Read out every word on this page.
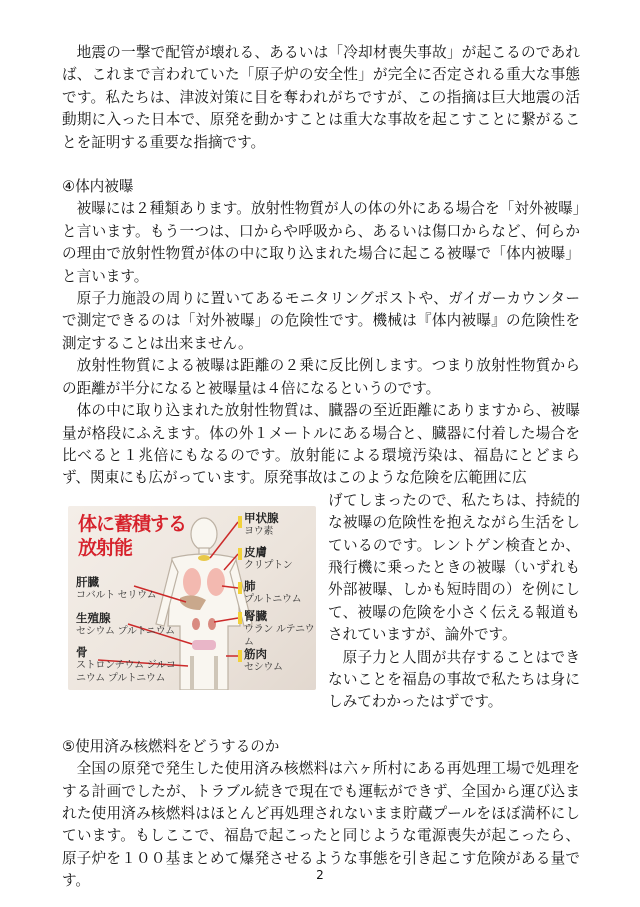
地震の一撃で配管が壊れる、あるいは「冷却材喪失事故」が起こるのであれば、これまで言われていた「原子炉の安全性」が完全に否定される重大な事態です。私たちは、津波対策に目を奪われがちですが、この指摘は巨大地震の活動期に入った日本で、原発を動かすことは重大な事故を起こすことに繋がることを証明する重要な指摘です。

④体内被曝

被曝には２種類あります。放射性物質が人の体の外にある場合を「対外被曝」と言います。もう一つは、口からや呼吸から、あるいは傷口からなど、何らかの理由で放射性物質が体の中に取り込まれた場合に起こる被曝で「体内被曝」と言います。

原子力施設の周りに置いてあるモニタリングポストや、ガイガーカウンターで測定できるのは「対外被曝」の危険性です。機械は『体内被曝』の危険性を測定することは出来ません。

放射性物質による被曝は距離の２乗に反比例します。つまり放射性物質からの距離が半分になると被曝量は４倍になるというのです。

体の中に取り込まれた放射性物質は、臓器の至近距離にありますから、被曝量が格段にふえます。体の外１メートルにある場合と、臓器に付着した場合を比べると１兆倍にもなるのです。放射能による環境汚染は、福島にとどまらず、関東にも広がっています。原発事故はこのような危険を広範囲に広

体に蓄積する
放射能
甲状腺
ヨウ素
皮膚
クリプトン
肺
プルトニウム
腎臓
ウラン ルテニウム
筋肉
セシウム
肝臓
コバルト セリウム
生殖腺
セシウム プルトニウム
骨
ストロンチウム ジルコニウム プルトニウム

げてしまったので、私たちは、持続的な被曝の危険性を抱えながら生活をしているのです。レントゲン検査とか、飛行機に乗ったときの被曝（いずれも外部被曝、しかも短時間の）を例にして、被曝の危険を小さく伝える報道もされていますが、論外です。

原子力と人間が共存することはできないことを福島の事故で私たちは身にしみてわかったはずです。

⑤使用済み核燃料をどうするのか

全国の原発で発生した使用済み核燃料は六ヶ所村にある再処理工場で処理をする計画でしたが、トラブル続きで現在でも運転ができず、全国から運び込まれた使用済み核燃料はほとんど再処理されないまま貯蔵プールをほぼ満杯にしています。もしここで、福島で起こったと同じような電源喪失が起こったら、原子炉を１００基まとめて爆発させるような事態を引き起こす危険がある量です。	2
